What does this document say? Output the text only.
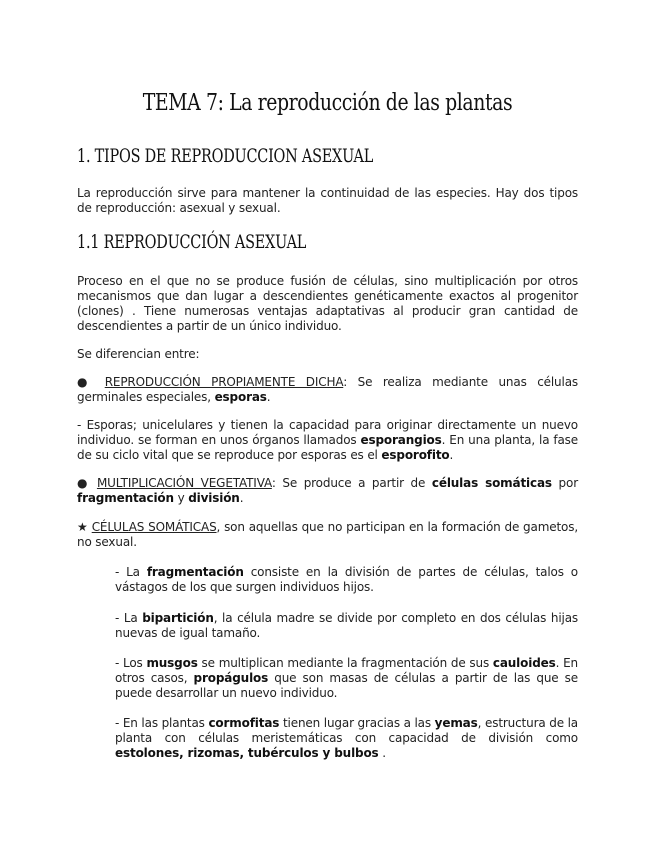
TEMA 7: La reproducción de las plantas
1. TIPOS DE REPRODUCCION ASEXUAL
La reproducción sirve para mantener la continuidad de las especies. Hay dos tipos de reproducción: asexual y sexual.
1.1 REPRODUCCIÓN ASEXUAL
Proceso en el que no se produce fusión de células, sino multiplicación por otros mecanismos que dan lugar a descendientes genéticamente exactos al progenitor (clones) . Tiene numerosas ventajas adaptativas al producir gran cantidad de descendientes a partir de un único individuo.
Se diferencian entre:
● REPRODUCCIÓN PROPIAMENTE DICHA: Se realiza mediante unas células germinales especiales, esporas.
- Esporas; unicelulares y tienen la capacidad para originar directamente un nuevo individuo. se forman en unos órganos llamados esporangios. En una planta, la fase de su ciclo vital que se reproduce por esporas es el esporofito.
● MULTIPLICACIÓN VEGETATIVA: Se produce a partir de células somáticas por fragmentación y división.
★ CÉLULAS SOMÁTICAS, son aquellas que no participan en la formación de gametos, no sexual.
- La fragmentación consiste en la división de partes de células, talos o vástagos de los que surgen individuos hijos.
- La bipartición, la célula madre se divide por completo en dos células hijas nuevas de igual tamaño.
- Los musgos se multiplican mediante la fragmentación de sus cauloides. En otros casos, propágulos que son masas de células a partir de las que se puede desarrollar un nuevo individuo.
- En las plantas cormofitas tienen lugar gracias a las yemas, estructura de la planta con células meristemáticas con capacidad de división como estolones, rizomas, tubérculos y bulbos .
